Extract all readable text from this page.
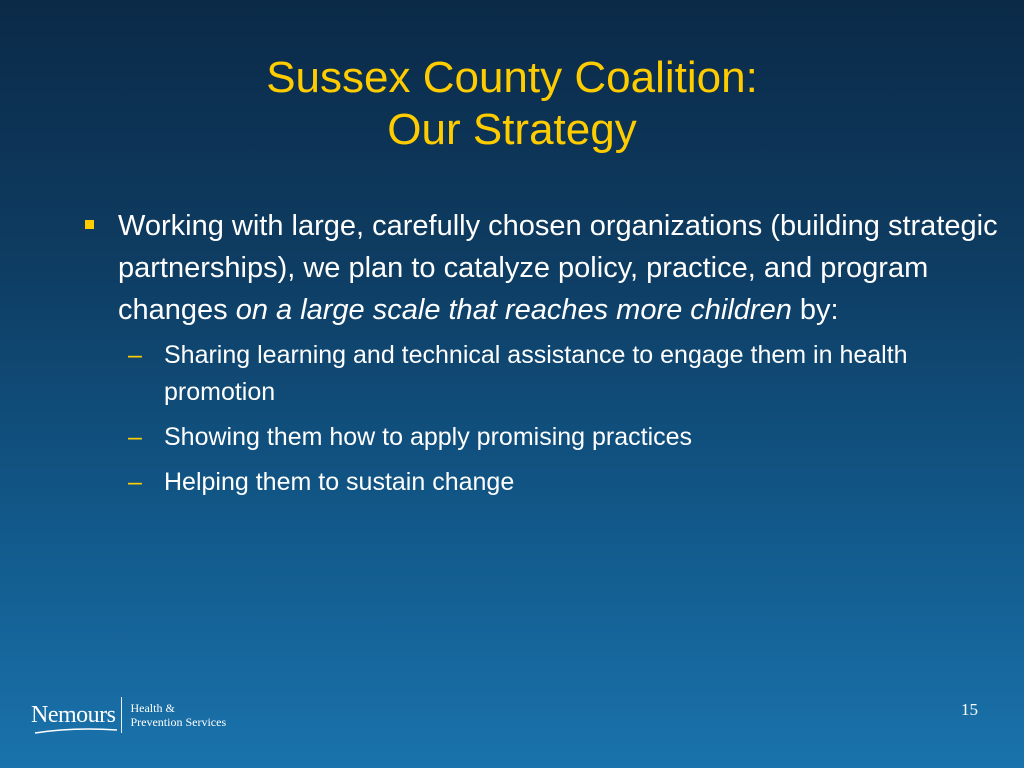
Sussex County Coalition:
Our Strategy
Working with large, carefully chosen organizations (building strategic partnerships), we plan to catalyze policy, practice, and program changes on a large scale that reaches more children by:
– Sharing learning and technical assistance to engage them in health promotion
– Showing them how to apply promising practices
– Helping them to sustain change
Nemours Health &
Prevention Services
15
